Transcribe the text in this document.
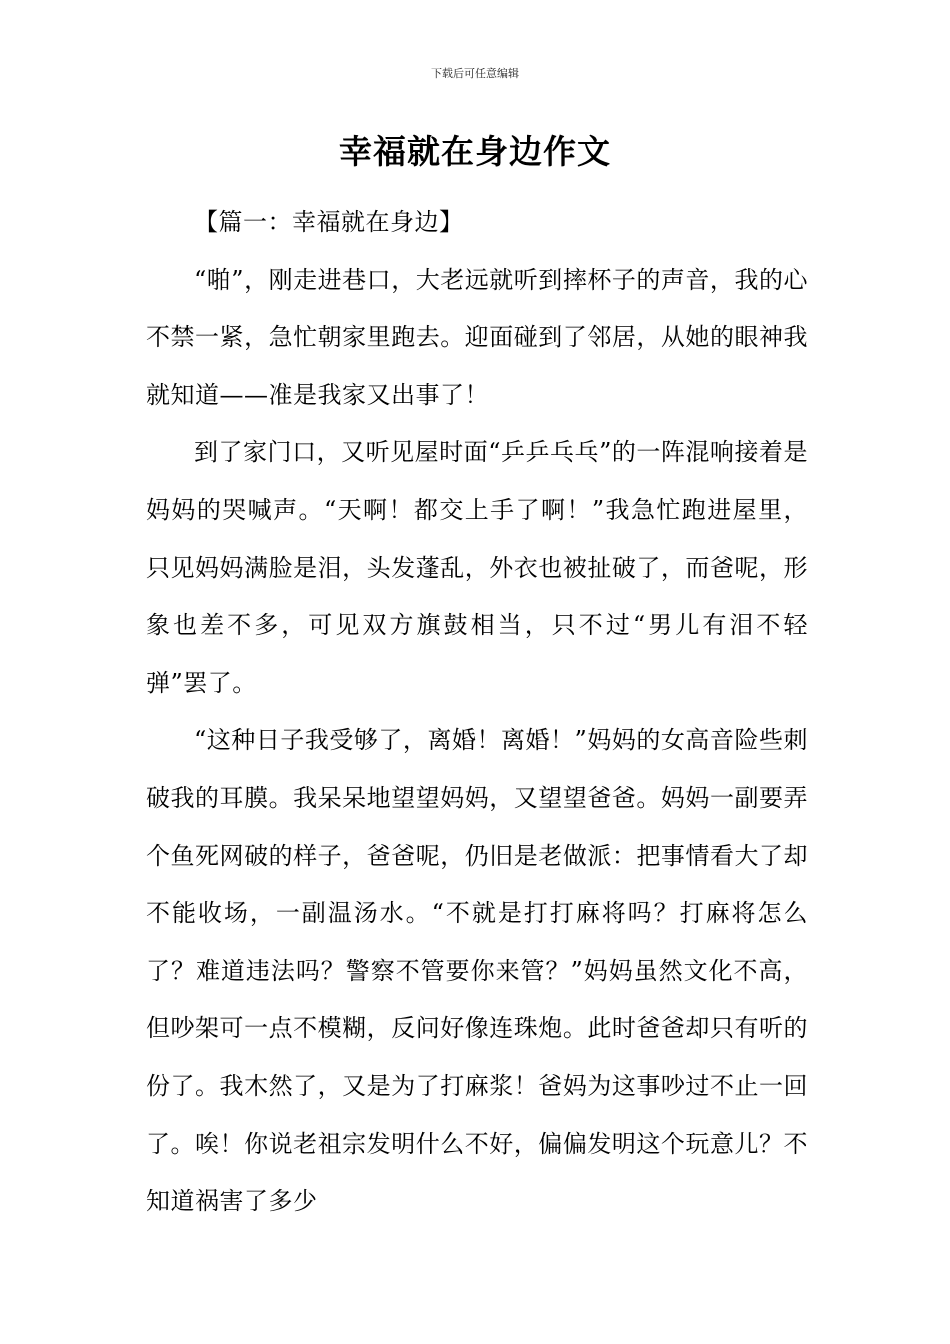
下载后可任意编辑
幸福就在身边作文

【篇一：幸福就在身边】

“啪”，刚走进巷口，大老远就听到摔杯子的声音，我的心不禁一紧，急忙朝家里跑去。迎面碰到了邻居，从她的眼神我就知道——准是我家又出事了！

到了家门口，又听见屋时面“乒乒乓乓”的一阵混响接着是妈妈的哭喊声。“天啊！都交上手了啊！”我急忙跑进屋里，只见妈妈满脸是泪，头发蓬乱，外衣也被扯破了，而爸呢，形象也差不多，可见双方旗鼓相当，只不过“男儿有泪不轻弹”罢了。

“这种日子我受够了，离婚！离婚！”妈妈的女高音险些刺破我的耳膜。我呆呆地望望妈妈，又望望爸爸。妈妈一副要弄个鱼死网破的样子，爸爸呢，仍旧是老做派：把事情看大了却不能收场，一副温汤水。“不就是打打麻将吗？打麻将怎么了？难道违法吗？警察不管要你来管？”妈妈虽然文化不高，但吵架可一点不模糊，反问好像连珠炮。此时爸爸却只有听的份了。我木然了，又是为了打麻浆！爸妈为这事吵过不止一回了。唉！你说老祖宗发明什么不好，偏偏发明这个玩意儿？不知道祸害了多少
